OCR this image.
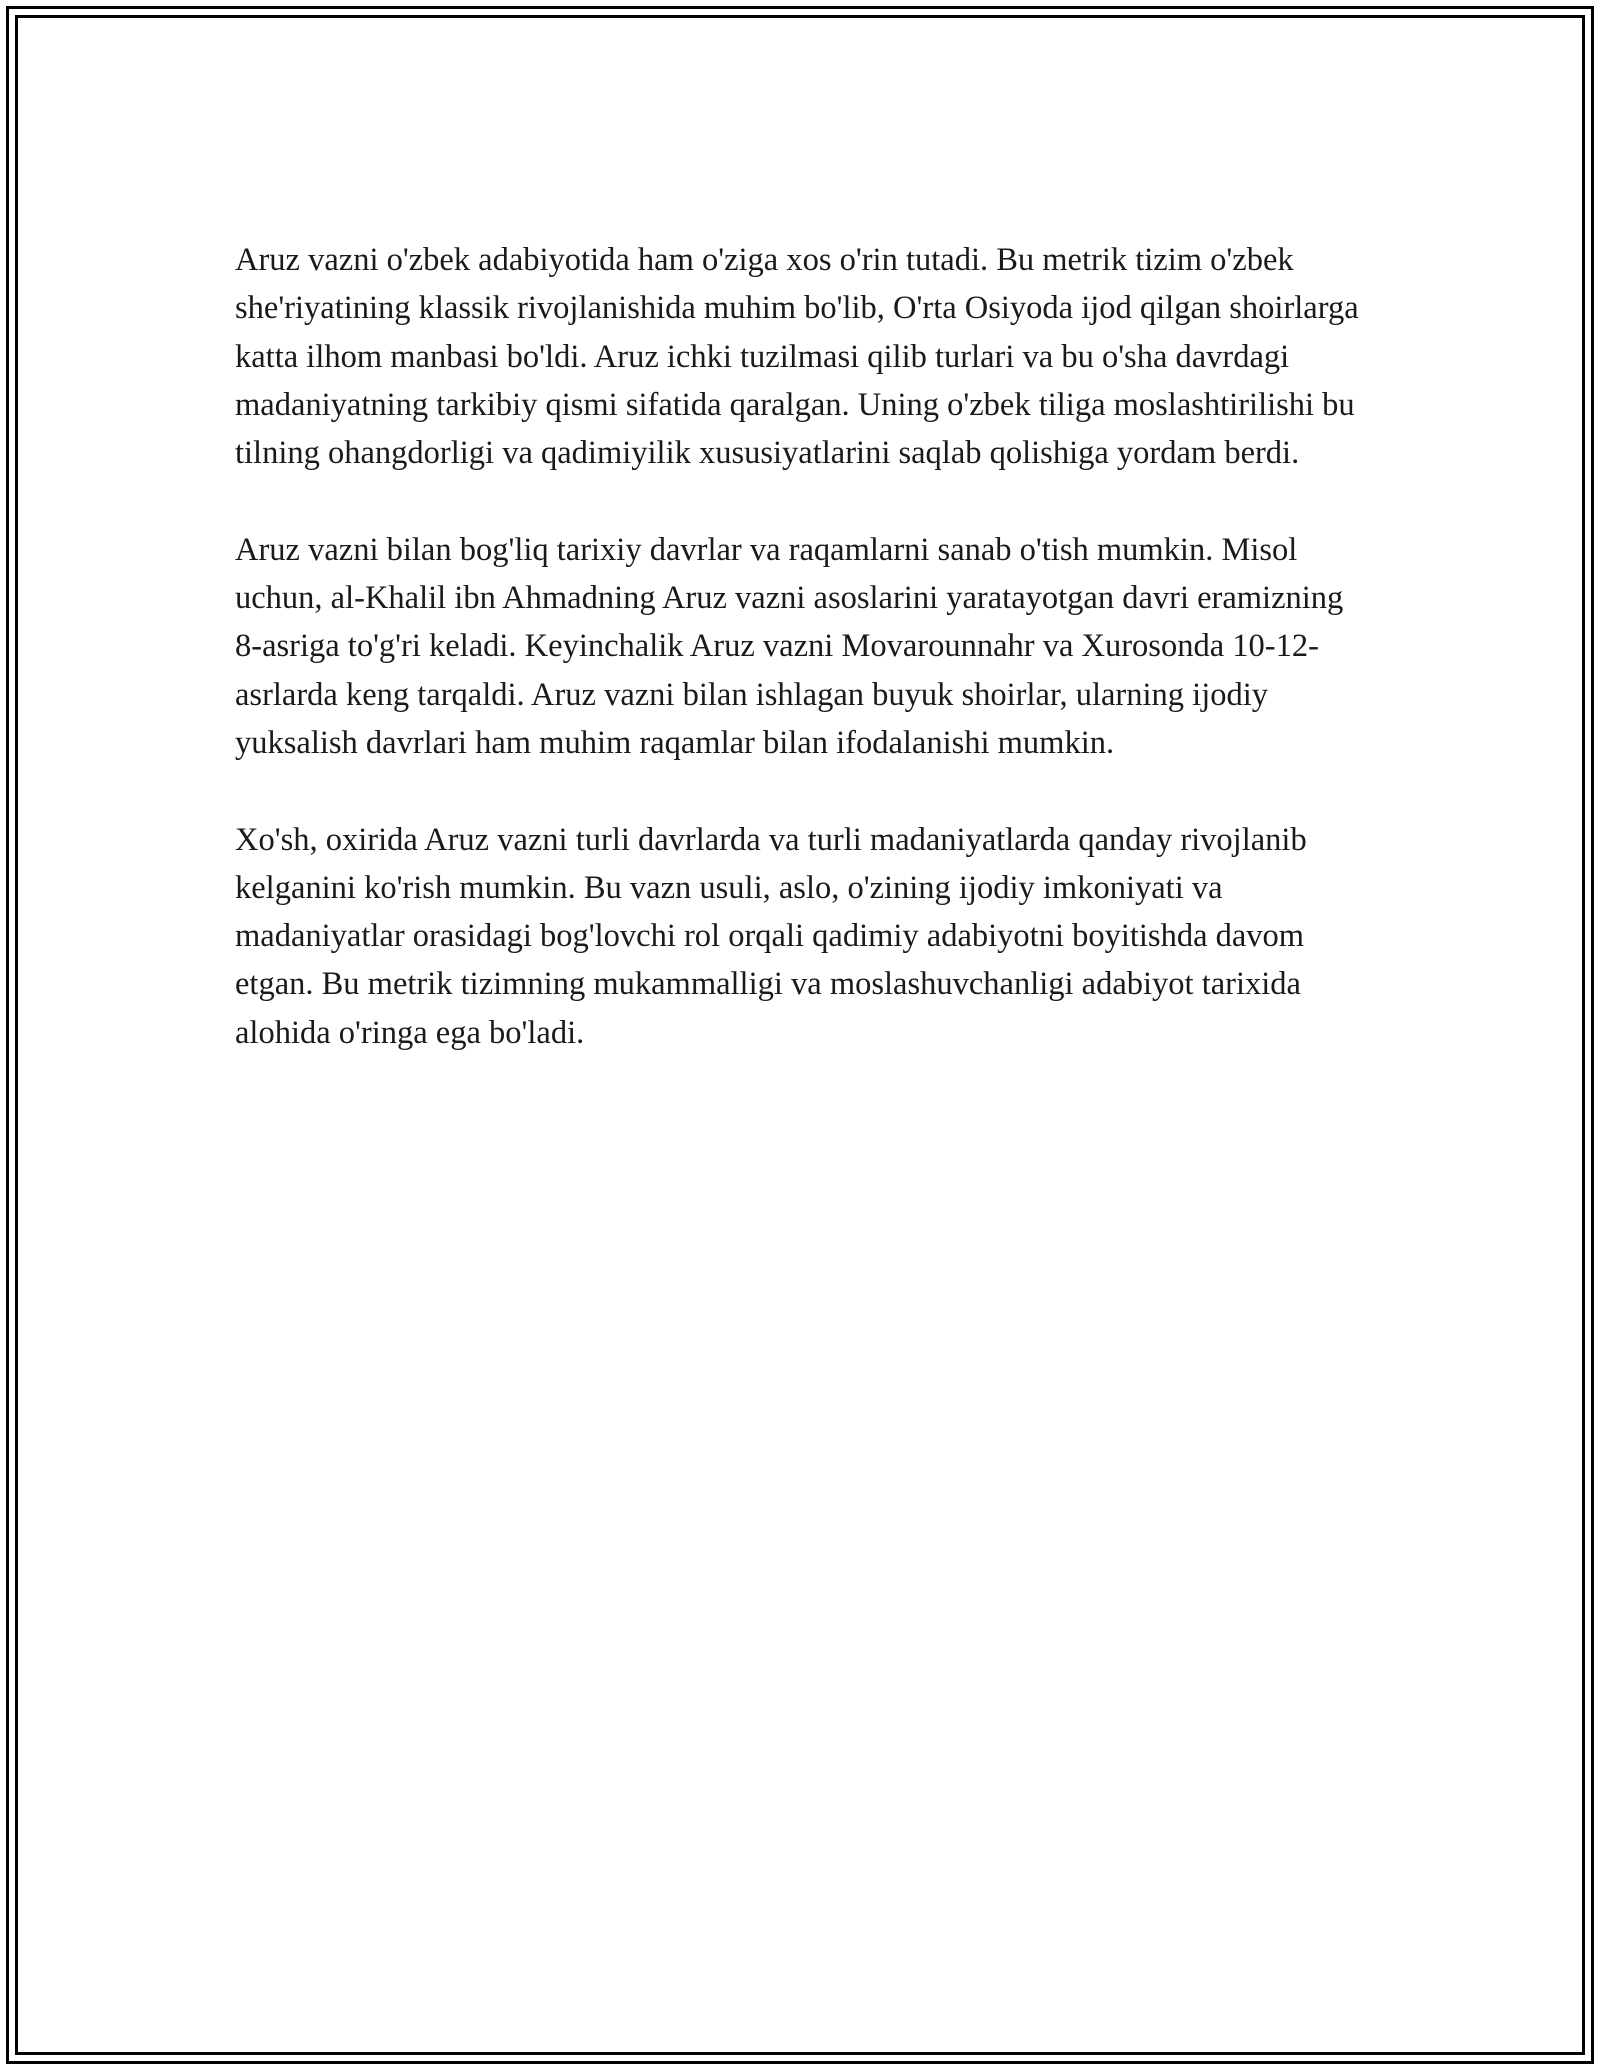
Aruz vazni o'zbek adabiyotida ham o'ziga xos o'rin tutadi. Bu metrik tizim o'zbek she'riyatining klassik rivojlanishida muhim bo'lib, O'rta Osiyoda ijod qilgan shoirlarga katta ilhom manbasi bo'ldi. Aruz ichki tuzilmasi qilib turlari va bu o'sha davrdagi madaniyatning tarkibiy qismi sifatida qaralgan. Uning o'zbek tiliga moslashtirilishi bu tilning ohangdorligi va qadimiyilik xususiyatlarini saqlab qolishiga yordam berdi.

Aruz vazni bilan bog'liq tarixiy davrlar va raqamlarni sanab o'tish mumkin. Misol uchun, al-Khalil ibn Ahmadning Aruz vazni asoslarini yaratayotgan davri eramizning 8-asriga to'g'ri keladi. Keyinchalik Aruz vazni Movarounnahr va Xurosonda 10-12-asrlarda keng tarqaldi. Aruz vazni bilan ishlagan buyuk shoirlar, ularning ijodiy yuksalish davrlari ham muhim raqamlar bilan ifodalanishi mumkin.

Xo'sh, oxirida Aruz vazni turli davrlarda va turli madaniyatlarda qanday rivojlanib kelganini ko'rish mumkin. Bu vazn usuli, aslo, o'zining ijodiy imkoniyati va madaniyatlar orasidagi bog'lovchi rol orqali qadimiy adabiyotni boyitishda davom etgan. Bu metrik tizimning mukammalligi va moslashuvchanligi adabiyot tarixida alohida o'ringa ega bo'ladi.
